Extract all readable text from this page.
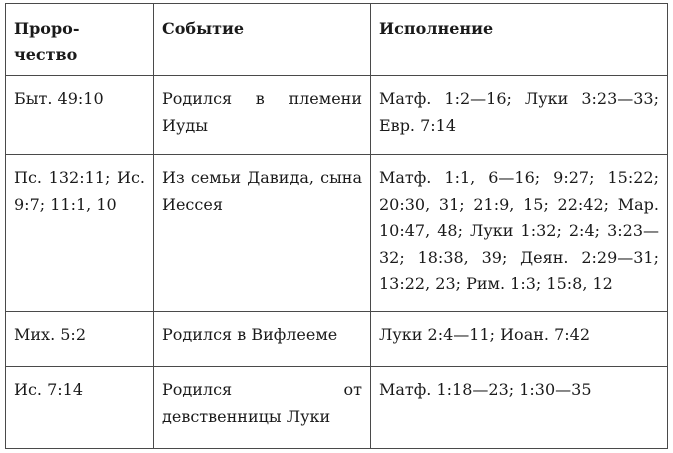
Проро-
чество	Событие	Исполнение
Быт. 49:10	Родился в племени Иуды	Матф. 1:2—16; Луки 3:23—33; Евр. 7:14
Пс. 132:11; Ис. 9:7; 11:1, 10	Из семьи Давида, сына Иессея	Матф. 1:1, 6—16; 9:27; 15:22; 20:30, 31; 21:9, 15; 22:42; Мар. 10:47, 48; Луки 1:32; 2:4; 3:23—32; 18:38, 39; Деян. 2:29—31; 13:22, 23; Рим. 1:3; 15:8, 12
Мих. 5:2	Родился в Вифлееме	Луки 2:4—11; Иоан. 7:42
Ис. 7:14	Родился от девственницы Луки	Матф. 1:18—23; 1:30—35
